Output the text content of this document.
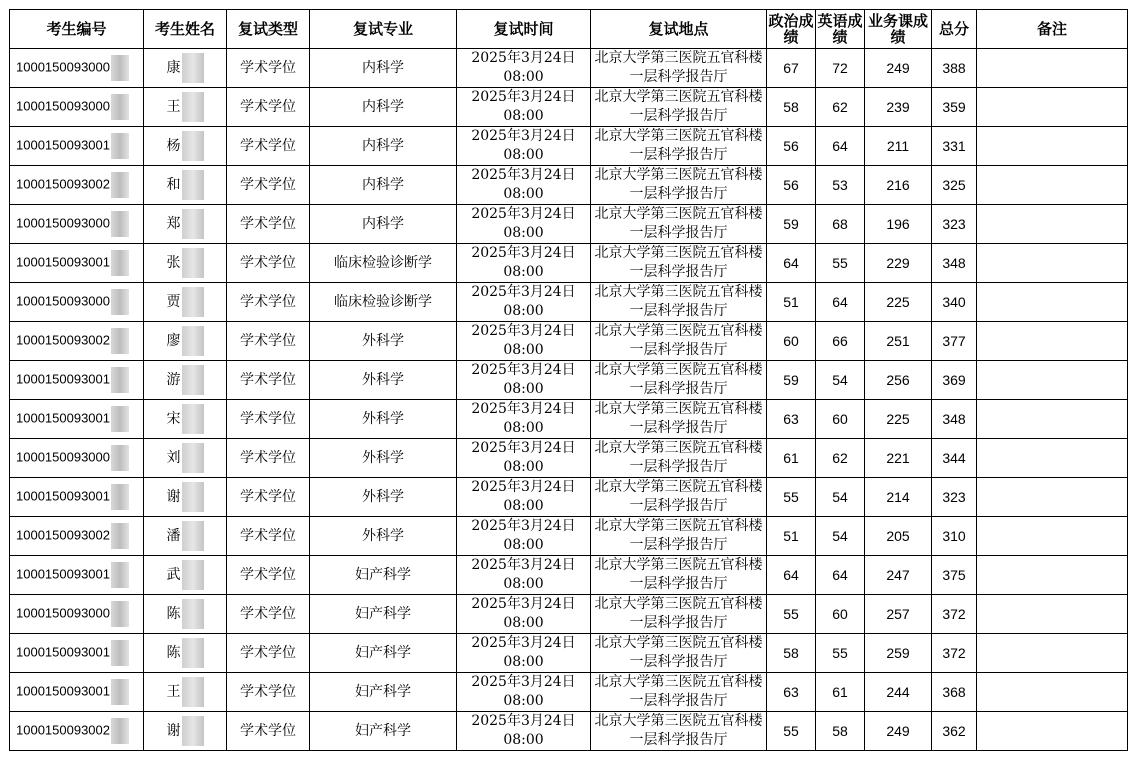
考生编号	考生姓名	复试类型	复试专业	复试时间	复试地点	政治成绩	英语成绩	业务课成绩	总分	备注
1000150093000	康	学术学位	内科学	2025年3月24日 08:00	北京大学第三医院五官科楼一层科学报告厅	67	72	249	388	
1000150093000	王	学术学位	内科学	2025年3月24日 08:00	北京大学第三医院五官科楼一层科学报告厅	58	62	239	359	
1000150093001	杨	学术学位	内科学	2025年3月24日 08:00	北京大学第三医院五官科楼一层科学报告厅	56	64	211	331	
1000150093002	和	学术学位	内科学	2025年3月24日 08:00	北京大学第三医院五官科楼一层科学报告厅	56	53	216	325	
1000150093000	郑	学术学位	内科学	2025年3月24日 08:00	北京大学第三医院五官科楼一层科学报告厅	59	68	196	323	
1000150093001	张	学术学位	临床检验诊断学	2025年3月24日 08:00	北京大学第三医院五官科楼一层科学报告厅	64	55	229	348	
1000150093000	贾	学术学位	临床检验诊断学	2025年3月24日 08:00	北京大学第三医院五官科楼一层科学报告厅	51	64	225	340	
1000150093002	廖	学术学位	外科学	2025年3月24日 08:00	北京大学第三医院五官科楼一层科学报告厅	60	66	251	377	
1000150093001	游	学术学位	外科学	2025年3月24日 08:00	北京大学第三医院五官科楼一层科学报告厅	59	54	256	369	
1000150093001	宋	学术学位	外科学	2025年3月24日 08:00	北京大学第三医院五官科楼一层科学报告厅	63	60	225	348	
1000150093000	刘	学术学位	外科学	2025年3月24日 08:00	北京大学第三医院五官科楼一层科学报告厅	61	62	221	344	
1000150093001	谢	学术学位	外科学	2025年3月24日 08:00	北京大学第三医院五官科楼一层科学报告厅	55	54	214	323	
1000150093002	潘	学术学位	外科学	2025年3月24日 08:00	北京大学第三医院五官科楼一层科学报告厅	51	54	205	310	
1000150093001	武	学术学位	妇产科学	2025年3月24日 08:00	北京大学第三医院五官科楼一层科学报告厅	64	64	247	375	
1000150093000	陈	学术学位	妇产科学	2025年3月24日 08:00	北京大学第三医院五官科楼一层科学报告厅	55	60	257	372	
1000150093001	陈	学术学位	妇产科学	2025年3月24日 08:00	北京大学第三医院五官科楼一层科学报告厅	58	55	259	372	
1000150093001	王	学术学位	妇产科学	2025年3月24日 08:00	北京大学第三医院五官科楼一层科学报告厅	63	61	244	368	
1000150093002	谢	学术学位	妇产科学	2025年3月24日 08:00	北京大学第三医院五官科楼一层科学报告厅	55	58	249	362	
